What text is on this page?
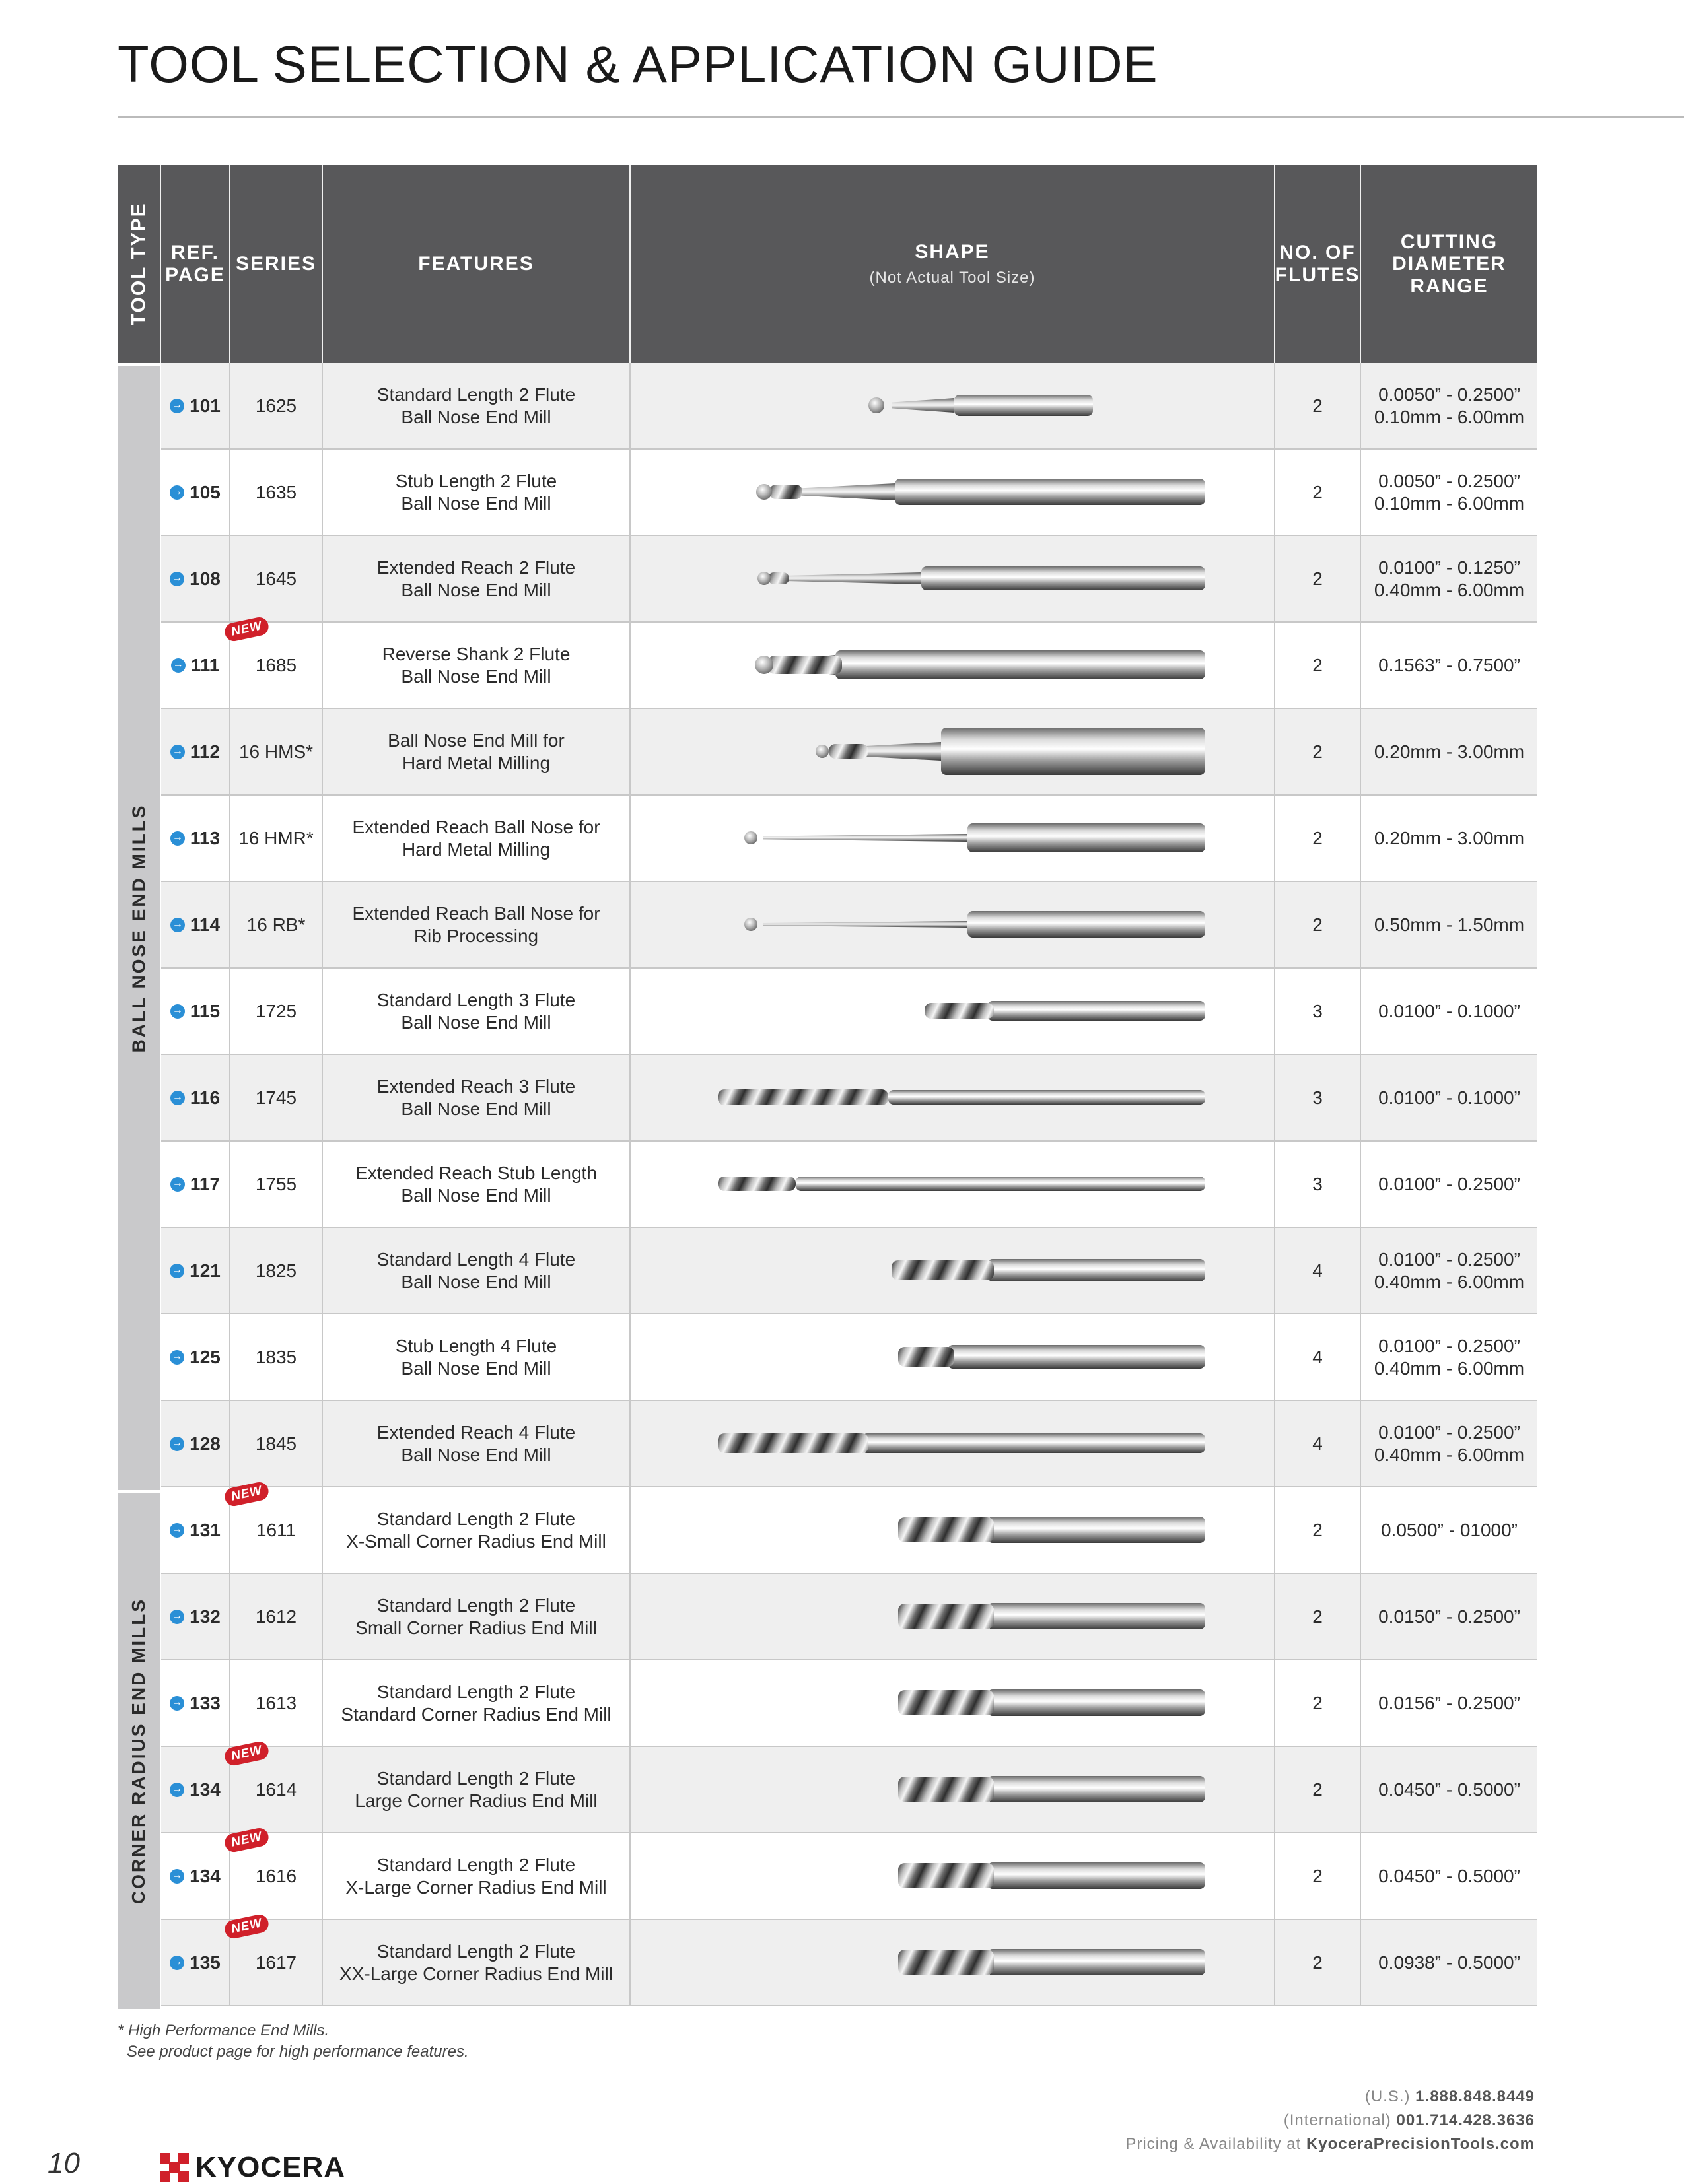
TOOL SELECTION & APPLICATION GUIDE
TOOL TYPE	REF.
PAGE
SERIES	FEATURES
SHAPE
(Not Actual Tool Size)
NO. OF
FLUTES
CUTTING
DIAMETER
RANGE
BALL NOSE END MILLS
CORNER RADIUS END MILLS
→ 101	1625
Standard Length 2 Flute
Ball Nose End Mill
2
0.0050” - 0.2500”
0.10mm - 6.00mm
→ 105	1635
Stub Length 2 Flute
Ball Nose End Mill
2
0.0050” - 0.2500”
0.10mm - 6.00mm
→ 108	1645
Extended Reach 2 Flute
Ball Nose End Mill
2
0.0100” - 0.1250”
0.40mm - 6.00mm
→ 111
NEW
1685
Reverse Shank 2 Flute
Ball Nose End Mill
2	0.1563” - 0.7500”
→ 112	16 HMS*
Ball Nose End Mill for
Hard Metal Milling
2	0.20mm - 3.00mm
→ 113	16 HMR*
Extended Reach Ball Nose for
Hard Metal Milling
2	0.20mm - 3.00mm
→ 114	16 RB*
Extended Reach Ball Nose for
Rib Processing
2	0.50mm - 1.50mm
→ 115	1725
Standard Length 3 Flute
Ball Nose End Mill
3	0.0100” - 0.1000”
→ 116	1745
Extended Reach 3 Flute
Ball Nose End Mill
3	0.0100” - 0.1000”
→ 117	1755
Extended Reach Stub Length
Ball Nose End Mill
3	0.0100” - 0.2500”
→ 121	1825
Standard Length 4 Flute
Ball Nose End Mill
4
0.0100” - 0.2500”
0.40mm - 6.00mm
→ 125	1835
Stub Length 4 Flute
Ball Nose End Mill
4
0.0100” - 0.2500”
0.40mm - 6.00mm
→ 128	1845
Extended Reach 4 Flute
Ball Nose End Mill
4
0.0100” - 0.2500”
0.40mm - 6.00mm
→ 131
NEW
1611
Standard Length 2 Flute
X-Small Corner Radius End Mill
2	0.0500” - 01000”
→ 132	1612
Standard Length 2 Flute
Small Corner Radius End Mill
2	0.0150” - 0.2500”
→ 133	1613
Standard Length 2 Flute
Standard Corner Radius End Mill
2	0.0156” - 0.2500”
→ 134
NEW
1614
Standard Length 2 Flute
Large Corner Radius End Mill
2	0.0450” - 0.5000”
→ 134
NEW
1616
Standard Length 2 Flute
X-Large Corner Radius End Mill
2	0.0450” - 0.5000”
→ 135
NEW
1617
Standard Length 2 Flute
XX-Large Corner Radius End Mill
2	0.0938” - 0.5000”
* High Performance End Mills.
See product page for high performance features.
10	KYOCERA
(U.S.) 1.888.848.8449
(International) 001.714.428.3636
Pricing & Availability at KyoceraPrecisionTools.com
